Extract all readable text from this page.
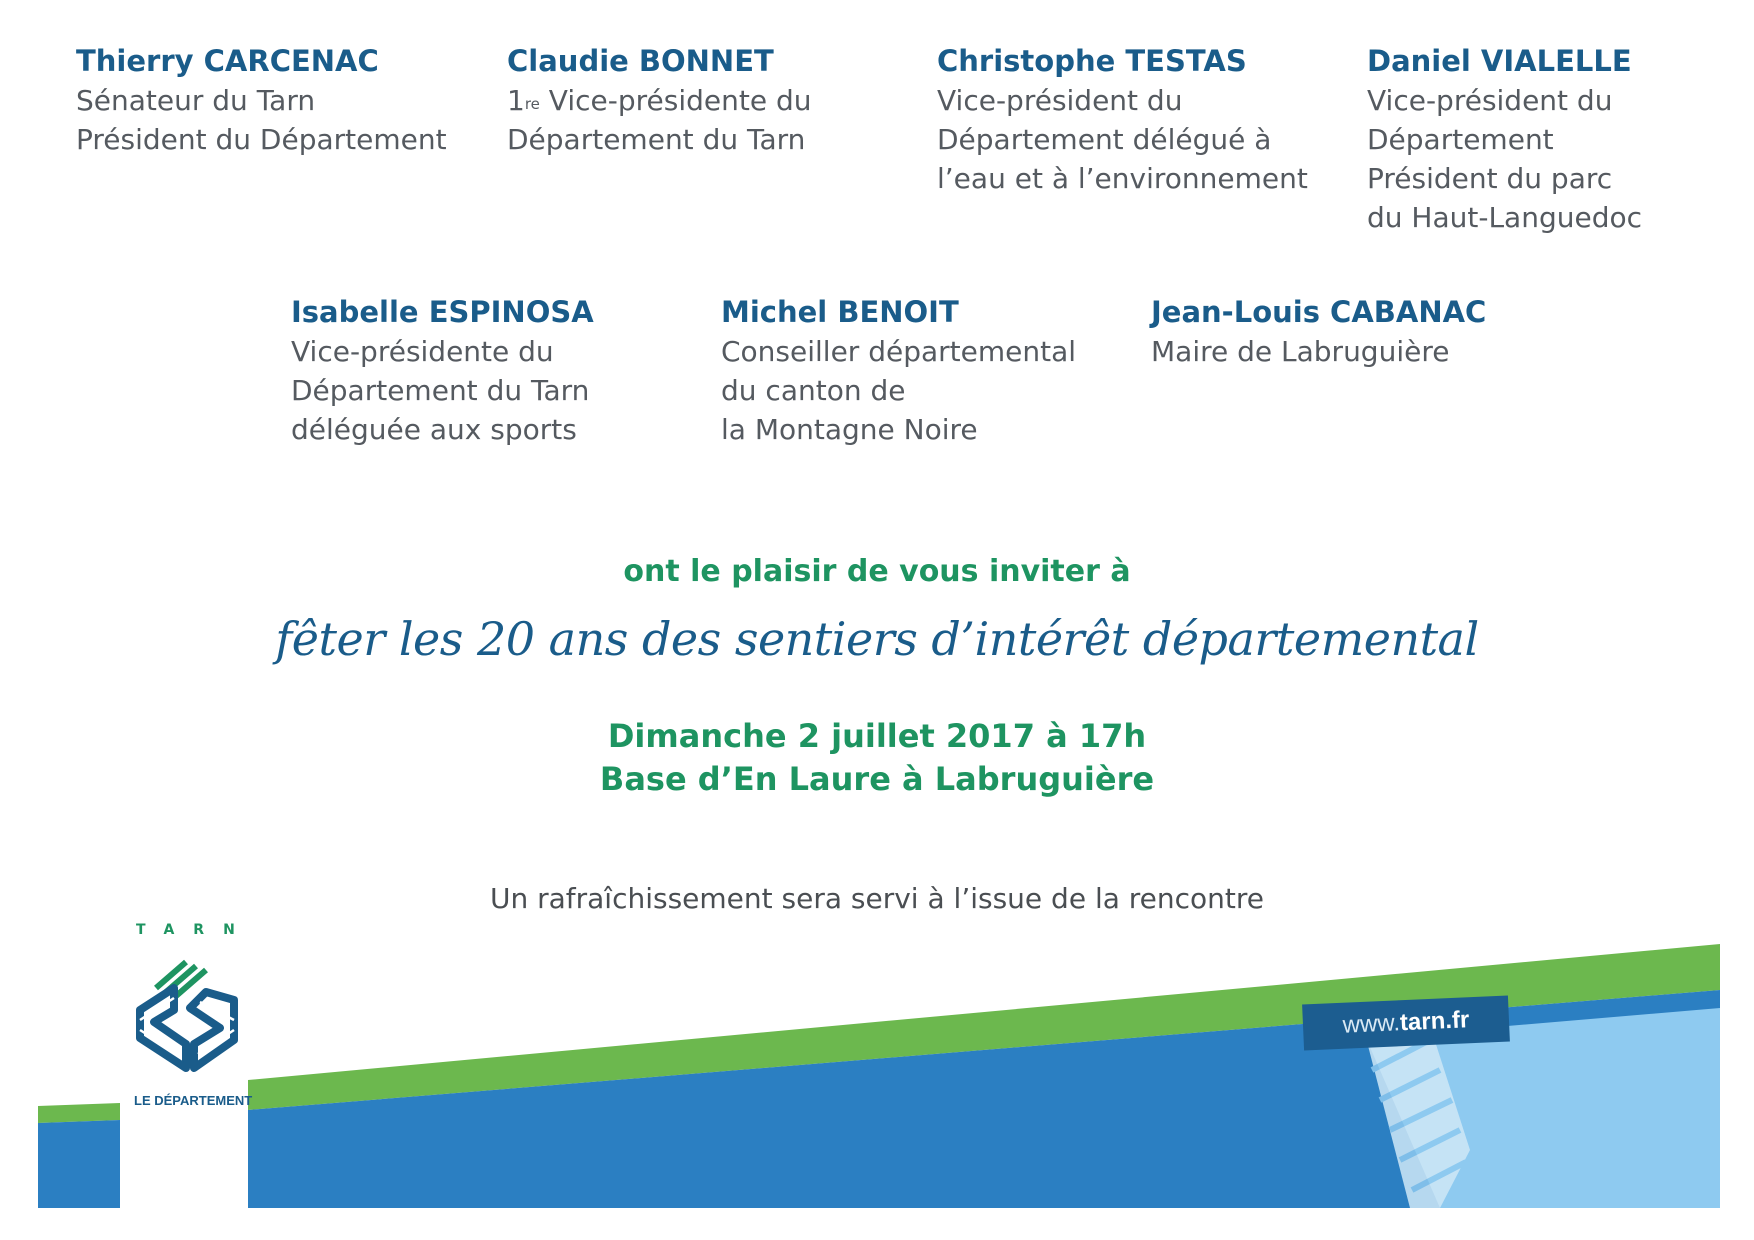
Thierry CARCENAC
Sénateur du Tarn
Président du Département
Claudie BONNET
1re Vice-présidente du
Département du Tarn
Christophe TESTAS
Vice-président du
Département délégué à
l’eau et à l’environnement
Daniel VIALELLE
Vice-président du
Département
Président du parc
du Haut-Languedoc
Isabelle ESPINOSA
Vice-présidente du
Département du Tarn
déléguée aux sports
Michel BENOIT
Conseiller départemental
du canton de
la Montagne Noire
Jean-Louis CABANAC
Maire de Labruguière
ont le plaisir de vous inviter à
fêter les 20 ans des sentiers d’intérêt départemental
Dimanche 2 juillet 2017 à 17h
Base d’En Laure à Labruguière
Un rafraîchissement sera servi à l’issue de la rencontre
TARN
LE DÉPARTEMENT
www.tarn.fr
